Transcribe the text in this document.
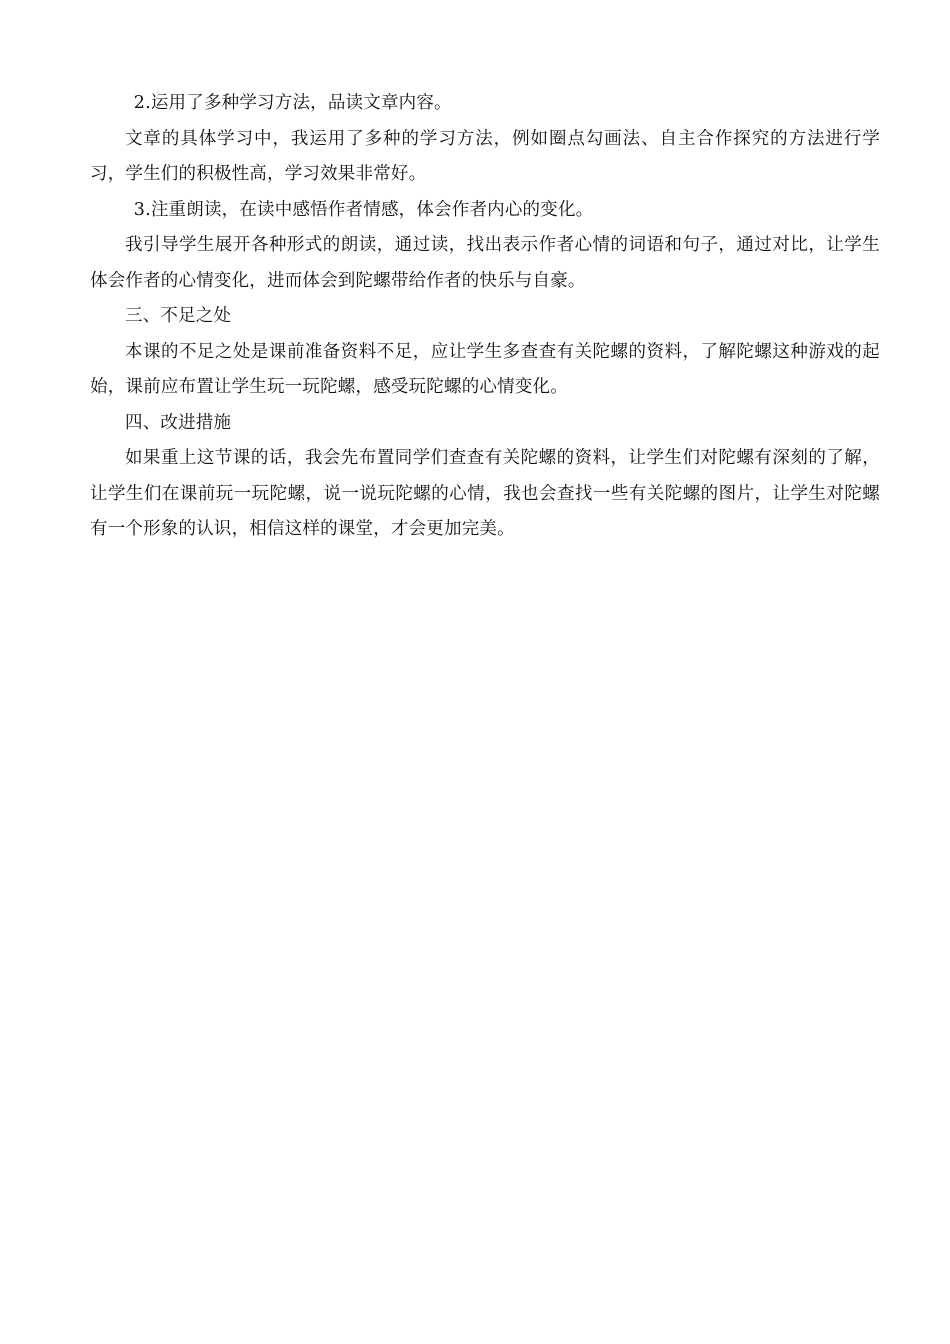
2.运用了多种学习方法，品读文章内容。

文章的具体学习中，我运用了多种的学习方法，例如圈点勾画法、自主合作探究的方法进行学习，学生们的积极性高，学习效果非常好。

3.注重朗读，在读中感悟作者情感，体会作者内心的变化。

我引导学生展开各种形式的朗读，通过读，找出表示作者心情的词语和句子，通过对比，让学生体会作者的心情变化，进而体会到陀螺带给作者的快乐与自豪。

三、不足之处

本课的不足之处是课前准备资料不足，应让学生多查查有关陀螺的资料，了解陀螺这种游戏的起始，课前应布置让学生玩一玩陀螺，感受玩陀螺的心情变化。

四、改进措施

如果重上这节课的话，我会先布置同学们查查有关陀螺的资料，让学生们对陀螺有深刻的了解，让学生们在课前玩一玩陀螺，说一说玩陀螺的心情，我也会查找一些有关陀螺的图片，让学生对陀螺有一个形象的认识，相信这样的课堂，才会更加完美。
